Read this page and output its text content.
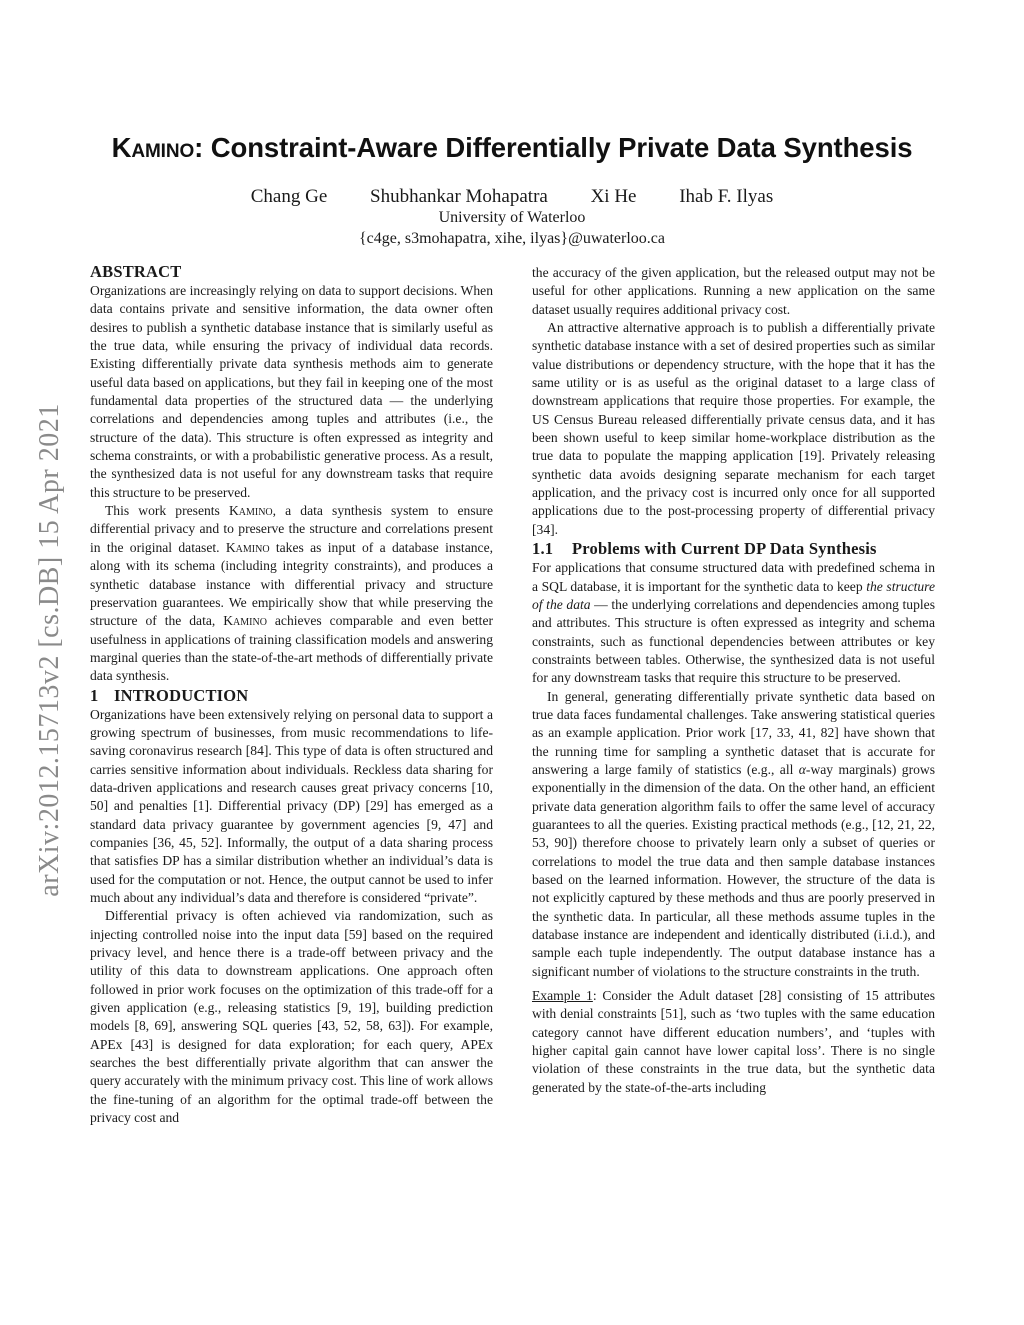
arXiv:2012.15713v2 [cs.DB] 15 Apr 2021
Kamino: Constraint-Aware Differentially Private Data Synthesis
Chang Ge Shubhankar Mohapatra Xi He Ihab F. Ilyas
University of Waterloo
{c4ge, s3mohapatra, xihe, ilyas}@uwaterloo.ca
ABSTRACT

Organizations are increasingly relying on data to support decisions. When data contains private and sensitive information, the data owner often desires to publish a synthetic database instance that is similarly useful as the true data, while ensuring the privacy of individual data records. Existing differentially private data synthesis methods aim to generate useful data based on applications, but they fail in keeping one of the most fundamental data properties of the structured data — the underlying correlations and dependencies among tuples and attributes (i.e., the structure of the data). This structure is often expressed as integrity and schema constraints, or with a probabilistic generative process. As a result, the synthesized data is not useful for any downstream tasks that require this structure to be preserved.

This work presents Kamino, a data synthesis system to ensure differential privacy and to preserve the structure and correlations present in the original dataset. Kamino takes as input of a database instance, along with its schema (including integrity constraints), and produces a synthetic database instance with differential privacy and structure preservation guarantees. We empirically show that while preserving the structure of the data, Kamino achieves comparable and even better usefulness in applications of training classification models and answering marginal queries than the state-of-the-art methods of differentially private data synthesis.

1 INTRODUCTION

Organizations have been extensively relying on personal data to support a growing spectrum of businesses, from music recommendations to life-saving coronavirus research [84]. This type of data is often structured and carries sensitive information about individuals. Reckless data sharing for data-driven applications and research causes great privacy concerns [10, 50] and penalties [1]. Differential privacy (DP) [29] has emerged as a standard data privacy guarantee by government agencies [9, 47] and companies [36, 45, 52]. Informally, the output of a data sharing process that satisfies DP has a similar distribution whether an individual’s data is used for the computation or not. Hence, the output cannot be used to infer much about any individual’s data and therefore is considered “private”.

Differential privacy is often achieved via randomization, such as injecting controlled noise into the input data [59] based on the required privacy level, and hence there is a trade-off between privacy and the utility of this data to downstream applications. One approach often followed in prior work focuses on the optimization of this trade-off for a given application (e.g., releasing statistics [9, 19], building prediction models [8, 69], answering SQL queries [43, 52, 58, 63]). For example, APEx [43] is designed for data exploration; for each query, APEx searches the best differentially private algorithm that can answer the query accurately with the minimum privacy cost. This line of work allows the fine-tuning of an algorithm for the optimal trade-off between the privacy cost and

the accuracy of the given application, but the released output may not be useful for other applications. Running a new application on the same dataset usually requires additional privacy cost.

An attractive alternative approach is to publish a differentially private synthetic database instance with a set of desired properties such as similar value distributions or dependency structure, with the hope that it has the same utility or is as useful as the original dataset to a large class of downstream applications that require those properties. For example, the US Census Bureau released differentially private census data, and it has been shown useful to keep similar home-workplace distribution as the true data to populate the mapping application [19]. Privately releasing synthetic data avoids designing separate mechanism for each target application, and the privacy cost is incurred only once for all supported applications due to the post-processing property of differential privacy [34].

1.1 Problems with Current DP Data Synthesis

For applications that consume structured data with predefined schema in a SQL database, it is important for the synthetic data to keep the structure of the data — the underlying correlations and dependencies among tuples and attributes. This structure is often expressed as integrity and schema constraints, such as functional dependencies between attributes or key constraints between tables. Otherwise, the synthesized data is not useful for any downstream tasks that require this structure to be preserved.

In general, generating differentially private synthetic data based on true data faces fundamental challenges. Take answering statistical queries as an example application. Prior work [17, 33, 41, 82] have shown that the running time for sampling a synthetic dataset that is accurate for answering a large family of statistics (e.g., all α-way marginals) grows exponentially in the dimension of the data. On the other hand, an efficient private data generation algorithm fails to offer the same level of accuracy guarantees to all the queries. Existing practical methods (e.g., [12, 21, 22, 53, 90]) therefore choose to privately learn only a subset of queries or correlations to model the true data and then sample database instances based on the learned information. However, the structure of the data is not explicitly captured by these methods and thus are poorly preserved in the synthetic data. In particular, all these methods assume tuples in the database instance are independent and identically distributed (i.i.d.), and sample each tuple independently. The output database instance has a significant number of violations to the structure constraints in the truth.

Example 1: Consider the Adult dataset [28] consisting of 15 attributes with denial constraints [51], such as ‘two tuples with the same education category cannot have different education numbers’, and ‘tuples with higher capital gain cannot have lower capital loss’. There is no single violation of these constraints in the true data, but the synthetic data generated by the state-of-the-arts including
